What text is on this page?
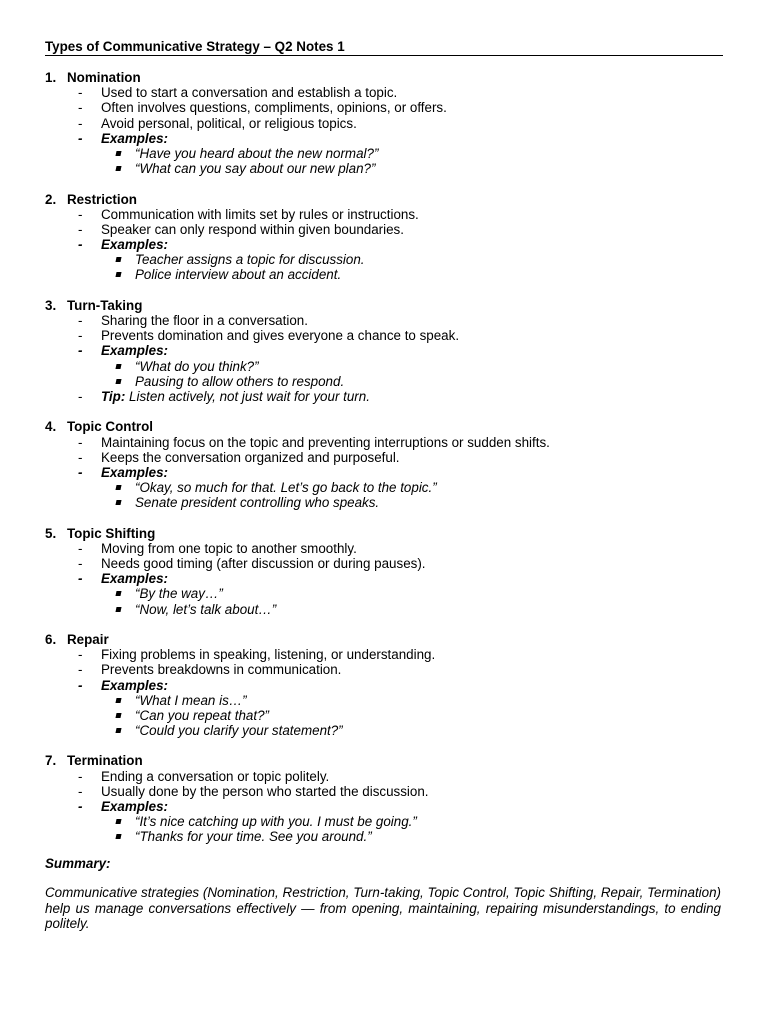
Types of Communicative Strategy – Q2 Notes 1
1. Nomination
- Used to start a conversation and establish a topic.
- Often involves questions, compliments, opinions, or offers.
- Avoid personal, political, or religious topics.
- Examples:
“Have you heard about the new normal?”
“What can you say about our new plan?”
2. Restriction
- Communication with limits set by rules or instructions.
- Speaker can only respond within given boundaries.
- Examples:
Teacher assigns a topic for discussion.
Police interview about an accident.
3. Turn-Taking
- Sharing the floor in a conversation.
- Prevents domination and gives everyone a chance to speak.
- Examples:
“What do you think?”
Pausing to allow others to respond.
- Tip: Listen actively, not just wait for your turn.
4. Topic Control
- Maintaining focus on the topic and preventing interruptions or sudden shifts.
- Keeps the conversation organized and purposeful.
- Examples:
“Okay, so much for that. Let’s go back to the topic.”
Senate president controlling who speaks.
5. Topic Shifting
- Moving from one topic to another smoothly.
- Needs good timing (after discussion or during pauses).
- Examples:
“By the way…”
“Now, let’s talk about…”
6. Repair
- Fixing problems in speaking, listening, or understanding.
- Prevents breakdowns in communication.
- Examples:
“What I mean is…”
“Can you repeat that?”
“Could you clarify your statement?”
7. Termination
- Ending a conversation or topic politely.
- Usually done by the person who started the discussion.
- Examples:
“It’s nice catching up with you. I must be going.”
“Thanks for your time. See you around.”
Summary:
Communicative strategies (Nomination, Restriction, Turn-taking, Topic Control, Topic Shifting, Repair, Termination) help us manage conversations effectively — from opening, maintaining, repairing misunderstandings, to ending politely.
